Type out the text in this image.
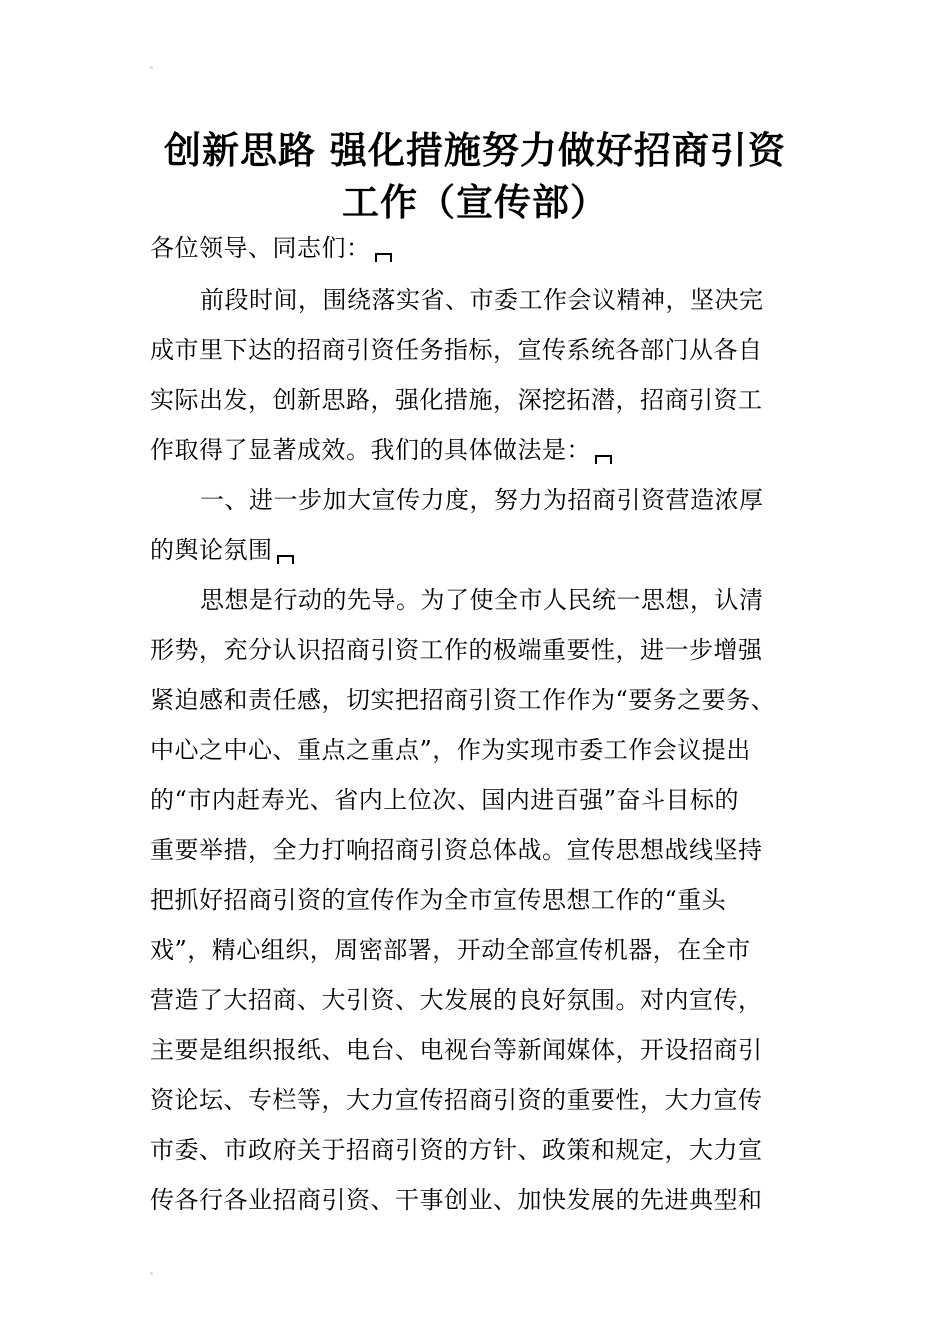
创新思路 强化措施努力做好招商引资
工作（宣传部）
各位领导、同志们：
前段时间，围绕落实省、市委工作会议精神，坚决完
成市里下达的招商引资任务指标，宣传系统各部门从各自
实际出发，创新思路，强化措施，深挖拓潜，招商引资工
作取得了显著成效。我们的具体做法是：
一、进一步加大宣传力度，努力为招商引资营造浓厚
的舆论氛围
思想是行动的先导。为了使全市人民统一思想，认清
形势，充分认识招商引资工作的极端重要性，进一步增强
紧迫感和责任感，切实把招商引资工作作为“要务之要务、
中心之中心、重点之重点”，作为实现市委工作会议提出
的“市内赶寿光、省内上位次、国内进百强”奋斗目标的
重要举措，全力打响招商引资总体战。宣传思想战线坚持
把抓好招商引资的宣传作为全市宣传思想工作的“重头
戏”，精心组织，周密部署，开动全部宣传机器，在全市
营造了大招商、大引资、大发展的良好氛围。对内宣传，
主要是组织报纸、电台、电视台等新闻媒体，开设招商引
资论坛、专栏等，大力宣传招商引资的重要性，大力宣传
市委、市政府关于招商引资的方针、政策和规定，大力宣
传各行各业招商引资、干事创业、加快发展的先进典型和
